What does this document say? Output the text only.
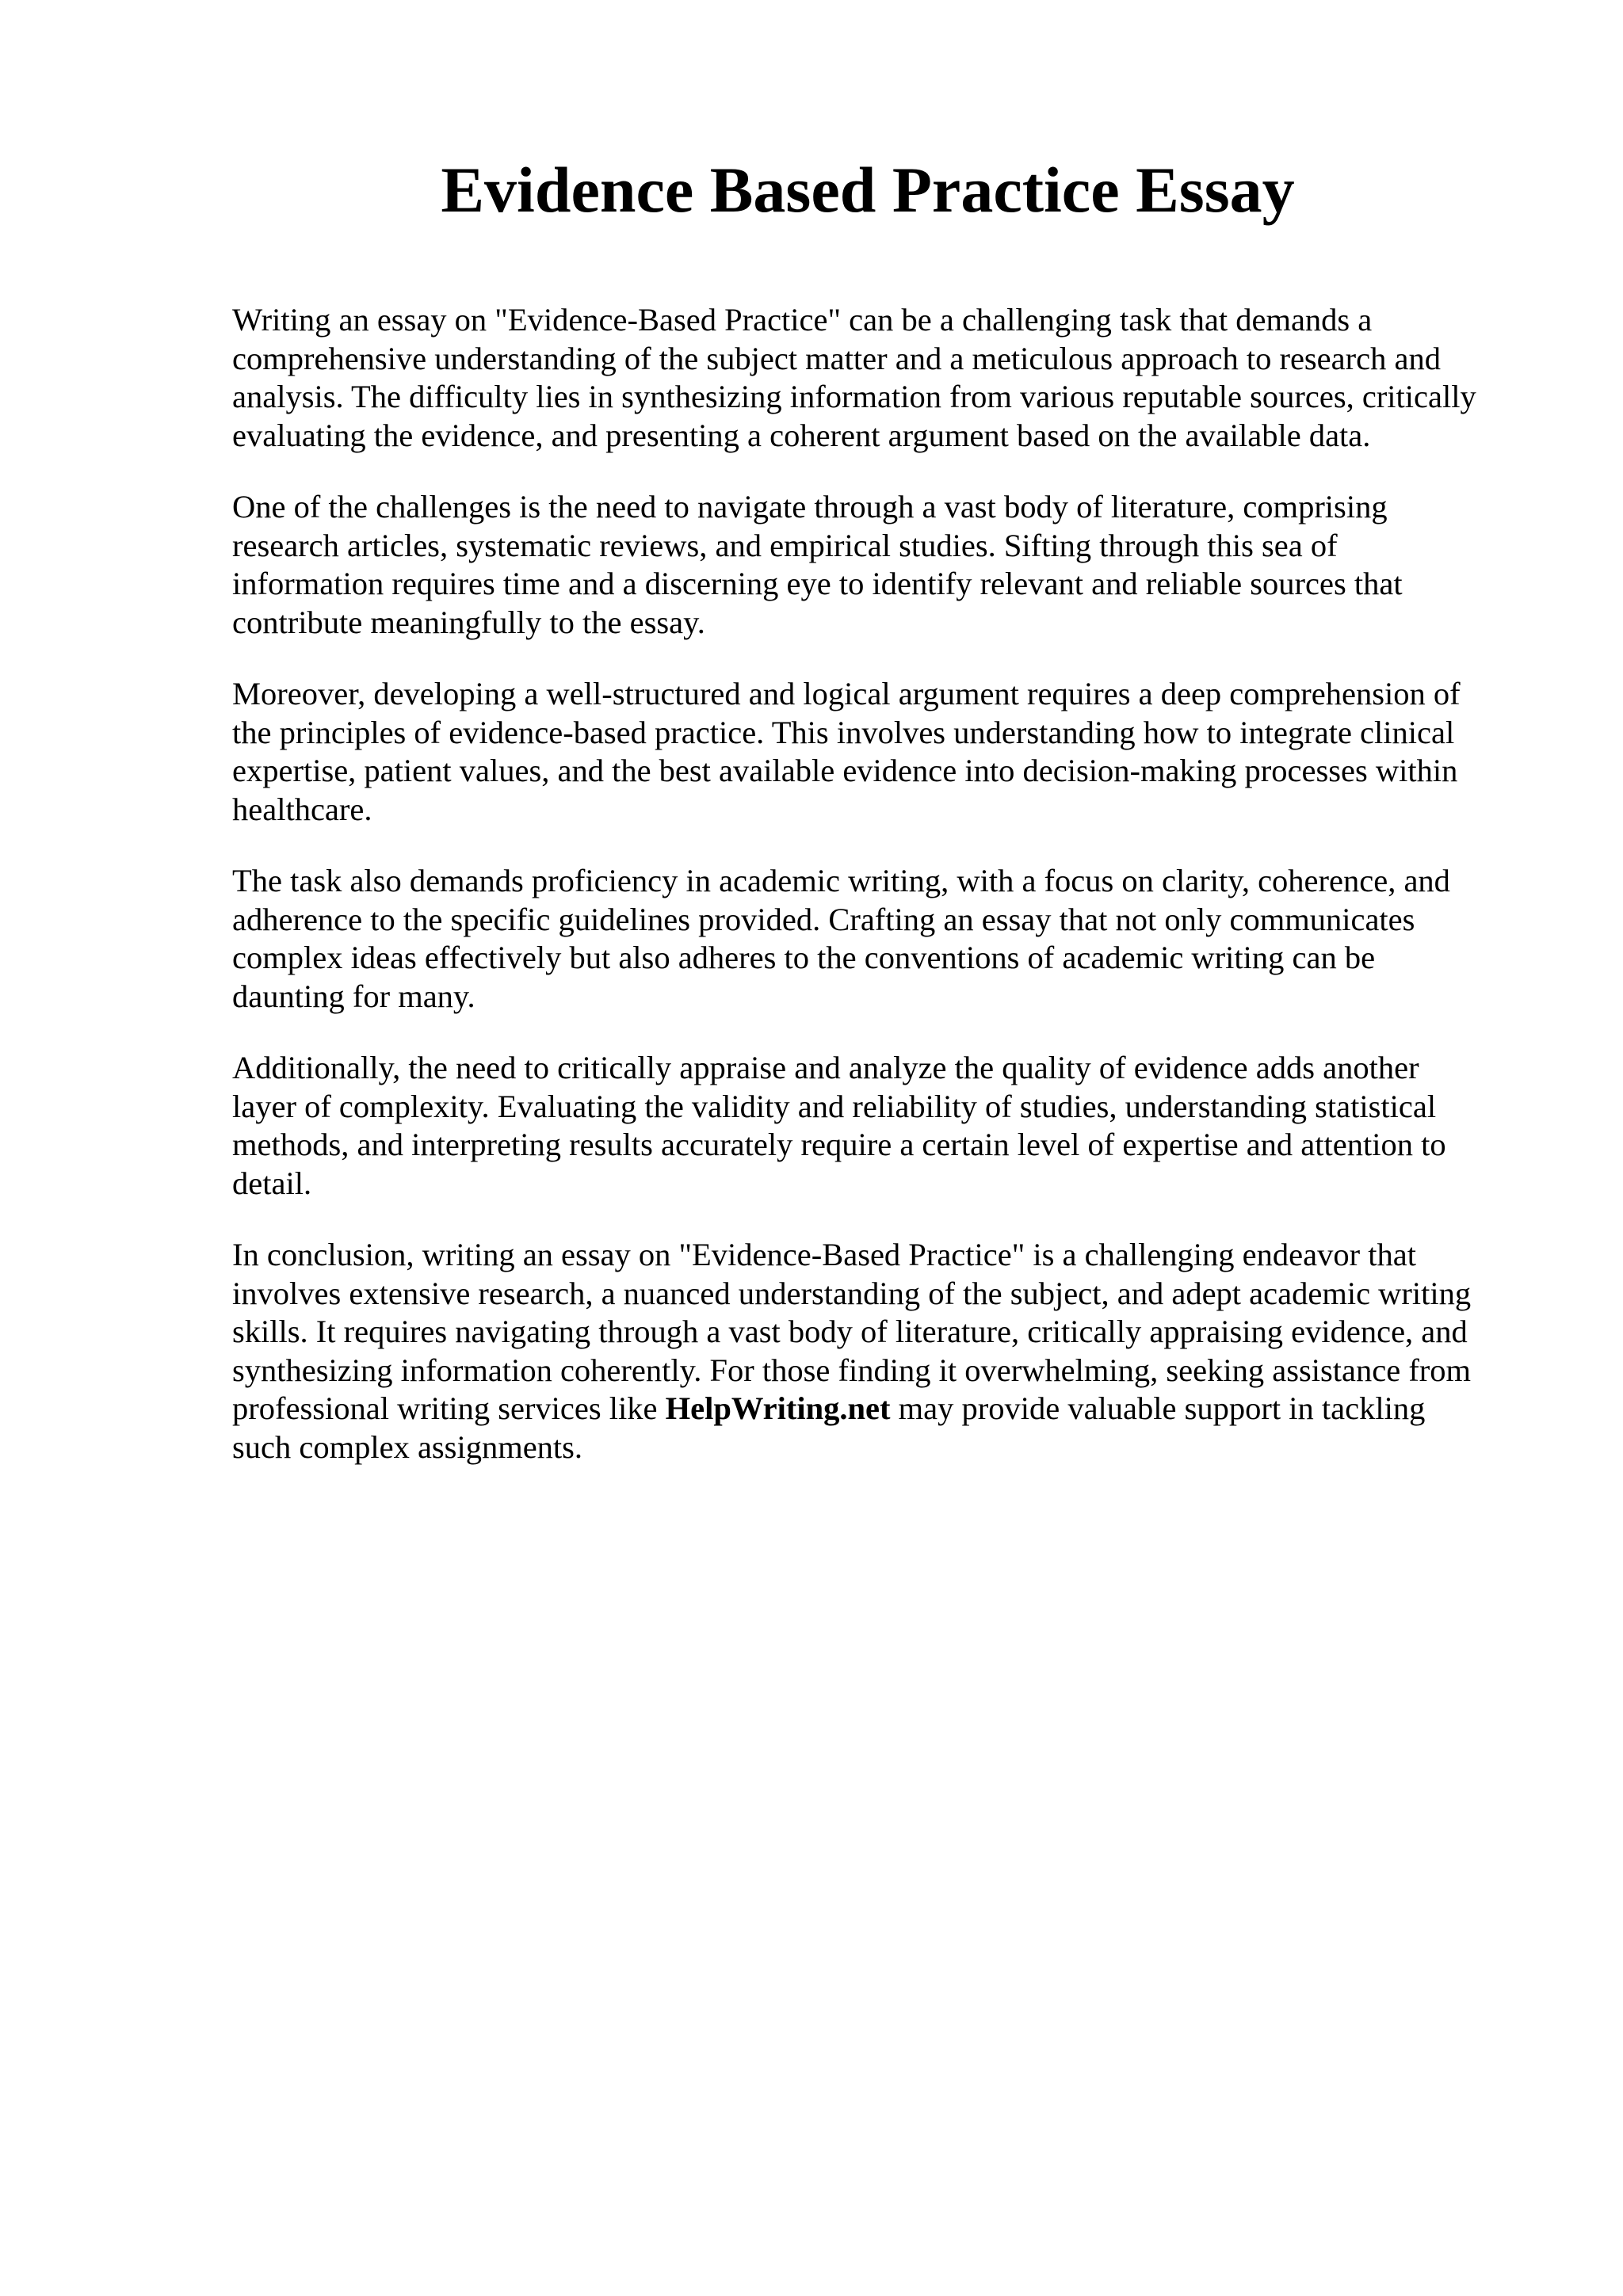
Evidence Based Practice Essay

Writing an essay on "Evidence-Based Practice" can be a challenging task that demands a
comprehensive understanding of the subject matter and a meticulous approach to research and
analysis. The difficulty lies in synthesizing information from various reputable sources, critically
evaluating the evidence, and presenting a coherent argument based on the available data.

One of the challenges is the need to navigate through a vast body of literature, comprising
research articles, systematic reviews, and empirical studies. Sifting through this sea of
information requires time and a discerning eye to identify relevant and reliable sources that
contribute meaningfully to the essay.

Moreover, developing a well-structured and logical argument requires a deep comprehension of
the principles of evidence-based practice. This involves understanding how to integrate clinical
expertise, patient values, and the best available evidence into decision-making processes within
healthcare.

The task also demands proficiency in academic writing, with a focus on clarity, coherence, and
adherence to the specific guidelines provided. Crafting an essay that not only communicates
complex ideas effectively but also adheres to the conventions of academic writing can be
daunting for many.

Additionally, the need to critically appraise and analyze the quality of evidence adds another
layer of complexity. Evaluating the validity and reliability of studies, understanding statistical
methods, and interpreting results accurately require a certain level of expertise and attention to
detail.

In conclusion, writing an essay on "Evidence-Based Practice" is a challenging endeavor that
involves extensive research, a nuanced understanding of the subject, and adept academic writing
skills. It requires navigating through a vast body of literature, critically appraising evidence, and
synthesizing information coherently. For those finding it overwhelming, seeking assistance from
professional writing services like HelpWriting.net may provide valuable support in tackling
such complex assignments.
